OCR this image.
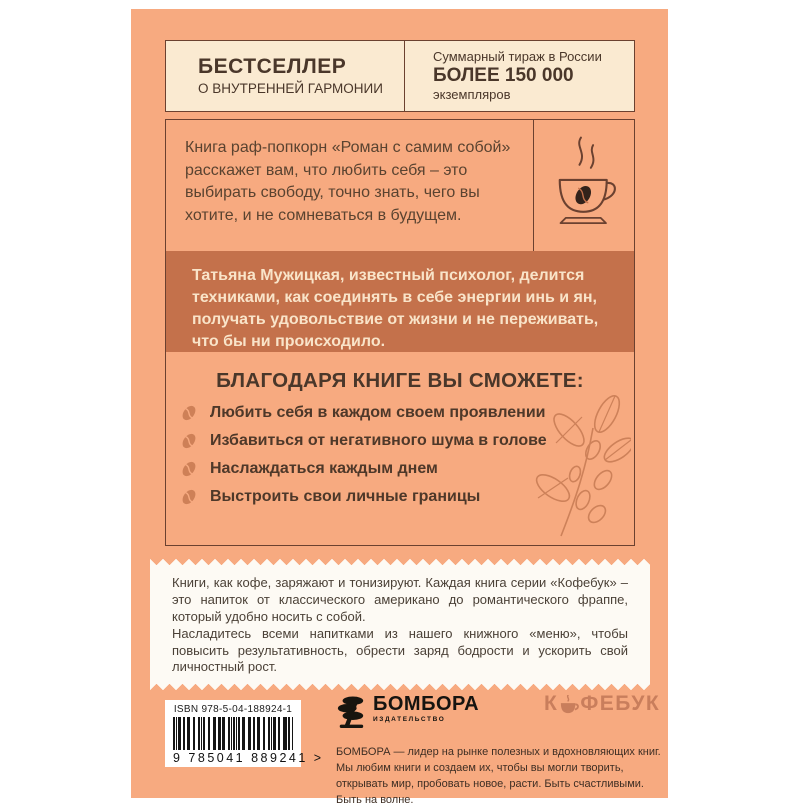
БЕСТСЕЛЛЕР
О ВНУТРЕННЕЙ ГАРМОНИИ
Суммарный тираж в России
БОЛЕЕ 150 000
экземпляров
Книга раф-попкорн «Роман с самим собой» расскажет вам, что любить себя – это выбирать свободу, точно знать, чего вы хотите, и не сомневаться в будущем.
Татьяна Мужицкая, известный психолог, делится техниками, как соединять в себе энергии инь и ян, получать удовольствие от жизни и не переживать, что бы ни происходило.
БЛАГОДАРЯ КНИГЕ ВЫ СМОЖЕТЕ:
Любить себя в каждом своем проявлении
Избавиться от негативного шума в голове
Наслаждаться каждым днем
Выстроить свои личные границы

Книги, как кофе, заряжают и тонизируют. Каждая книга серии «Кофебук» – это напиток от классического американо до романтического фраппе, который удобно носить с собой.

Насладитесь всеми напитками из нашего книжного «меню», чтобы повысить результативность, обрести заряд бодрости и ускорить свой личностный рост.

ISBN 978-5-04-188924-1
9 785041 889241 >
БОМБОРА
ИЗДАТЕЛЬСТВО
БОМБОРА — лидер на рынке полезных и вдохновляющих книг. Мы любим книги и создаем их, чтобы вы могли творить, открывать мир, пробовать новое, расти. Быть счастливыми. Быть на волне.
К ФЕБУК
